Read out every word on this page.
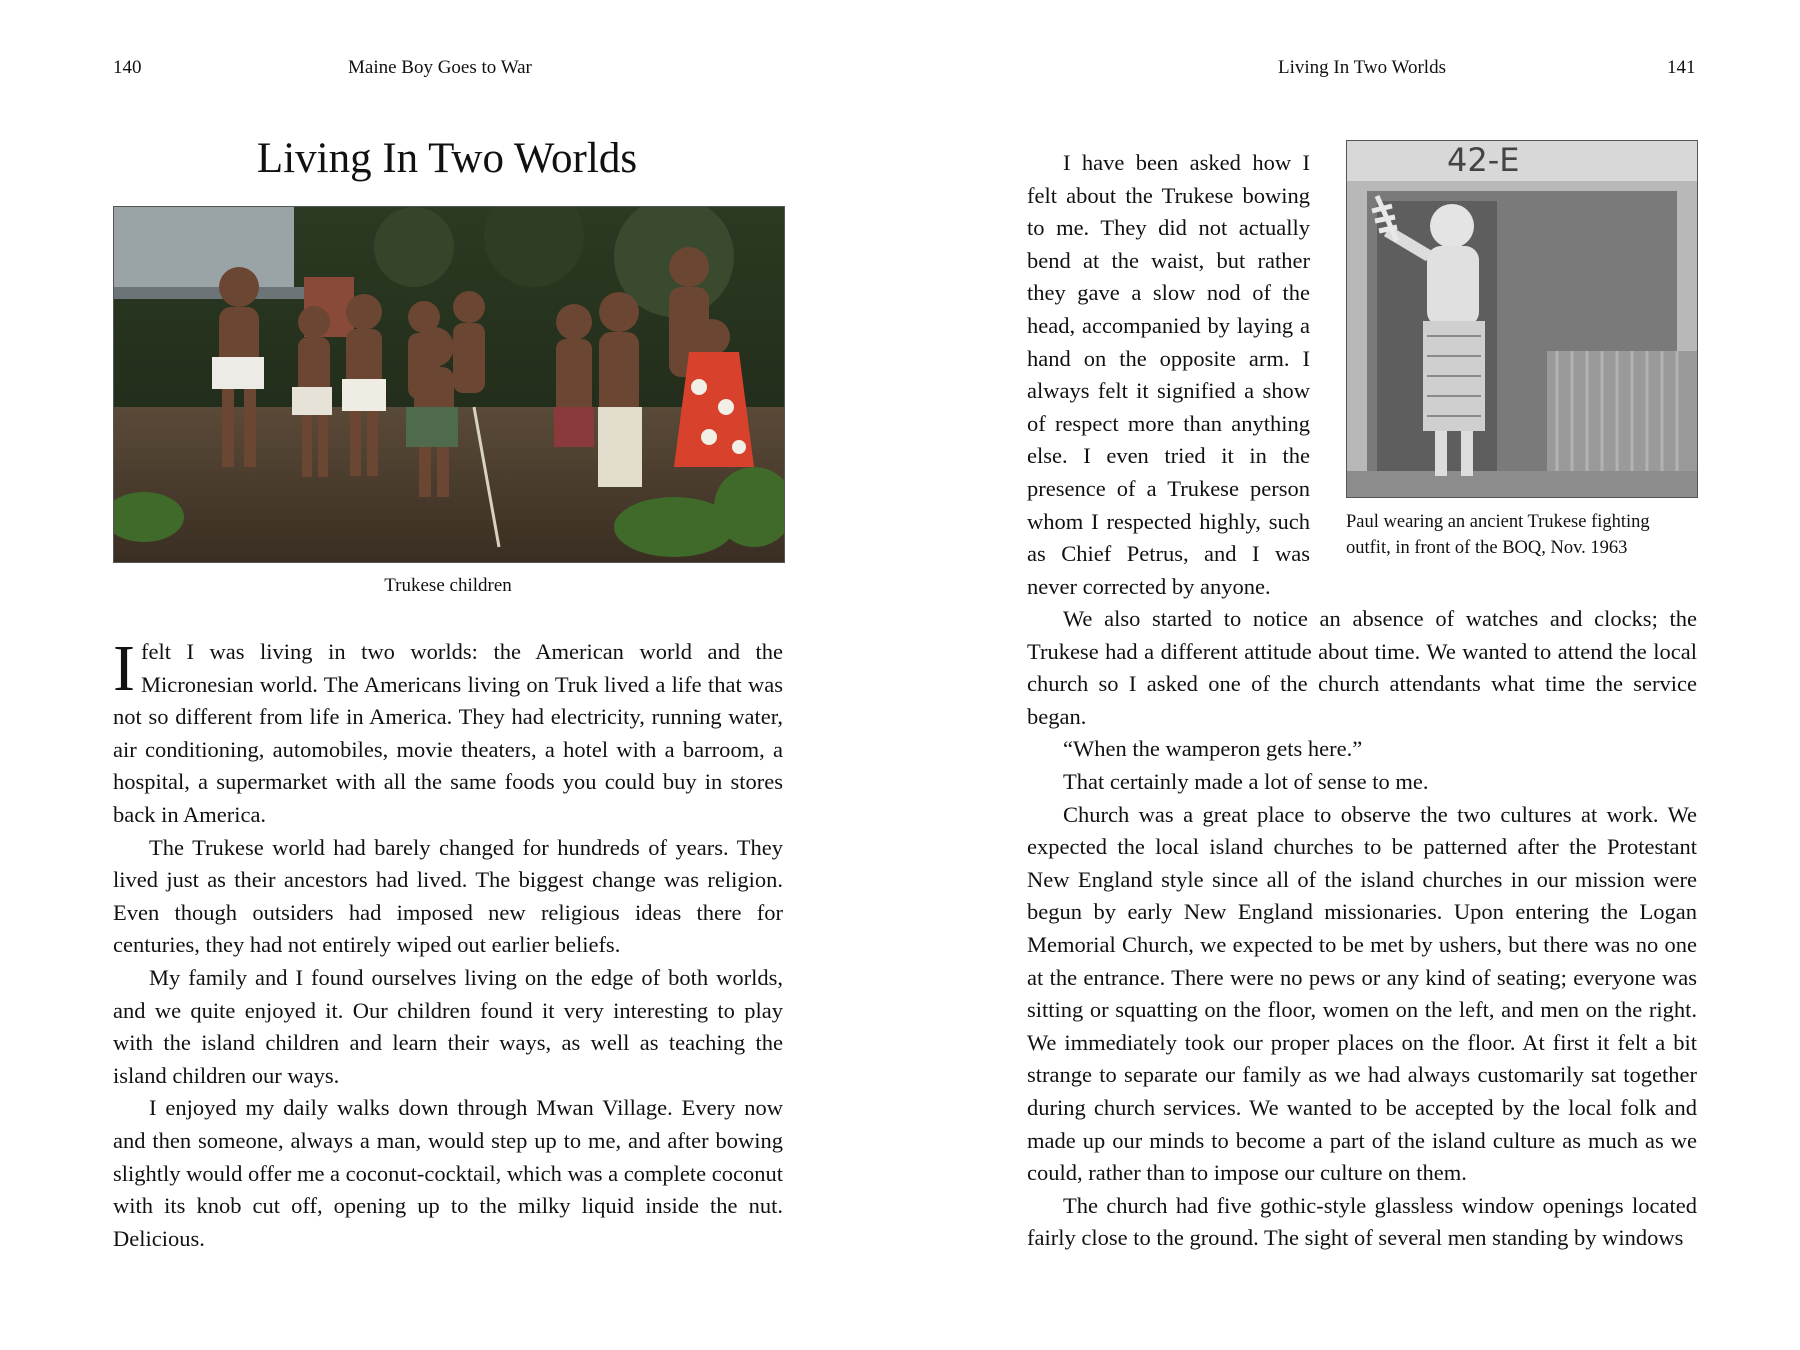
140	Maine Boy Goes to War
Living In Two Worlds
Trukese children

Ifelt I was living in two worlds: the American world and the Micronesian world. The Americans living on Truk lived a life that was not so different from life in America. They had electricity, running water, air conditioning, automobiles, movie theaters, a hotel with a barroom, a hospital, a supermarket with all the same foods you could buy in stores back in America.

The Trukese world had barely changed for hundreds of years. They lived just as their ancestors had lived. The biggest change was religion. Even though outsiders had imposed new religious ideas there for centuries, they had not entirely wiped out earlier beliefs.

My family and I found ourselves living on the edge of both worlds, and we quite enjoyed it. Our children found it very interesting to play with the island children and learn their ways, as well as teaching the island children our ways.

I enjoyed my daily walks down through Mwan Village. Every now and then someone, always a man, would step up to me, and after bowing slightly would offer me a coconut-cocktail, which was a complete coconut with its knob cut off, opening up to the milky liquid inside the nut. Delicious.

Living In Two Worlds	141
42-E
Paul wearing an ancient Trukese fighting
outfit, in front of the BOQ, Nov. 1963

I have been asked how I felt about the Trukese bowing to me. They did not actually bend at the waist, but rather they gave a slow nod of the head, accompanied by laying a hand on the opposite arm. I always felt it signified a show of respect more than anything else. I even tried it in the presence of a Trukese person whom I respected highly, such as Chief Petrus, and I was never corrected by anyone.

We also started to notice an absence of watches and clocks; the Trukese had a different attitude about time. We wanted to attend the local church so I asked one of the church attendants what time the service began.

“When the wamperon gets here.”

That certainly made a lot of sense to me.

Church was a great place to observe the two cultures at work. We expected the local island churches to be patterned after the Protestant New England style since all of the island churches in our mission were begun by early New England missionaries. Upon entering the Logan Memorial Church, we expected to be met by ushers, but there was no one at the entrance. There were no pews or any kind of seating; everyone was sitting or squatting on the floor, women on the left, and men on the right. We immediately took our proper places on the floor. At first it felt a bit strange to separate our family as we had always customarily sat together during church services. We wanted to be accepted by the local folk and made up our minds to become a part of the island culture as much as we could, rather than to impose our culture on them.

The church had five gothic-style glassless window openings located fairly close to the ground. The sight of several men standing by windows
